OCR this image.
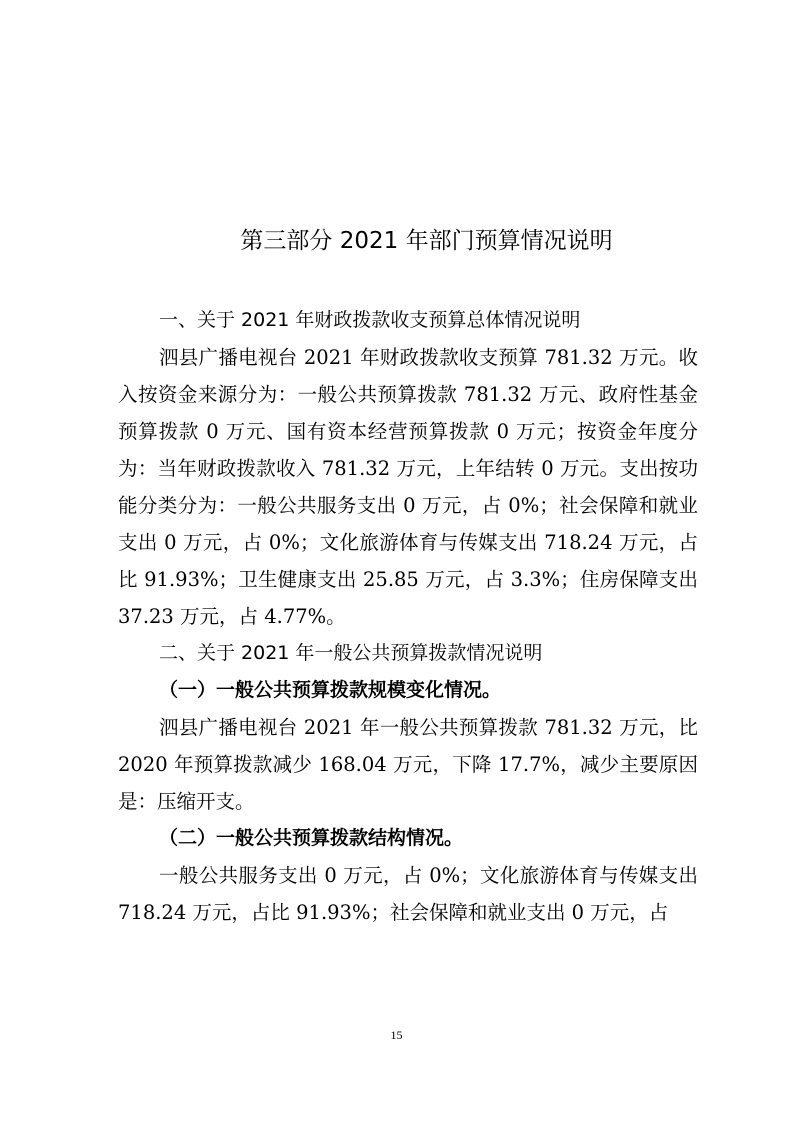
第三部分 2021 年部门预算情况说明

一、关于 2021 年财政拨款收支预算总体情况说明

泗县广播电视台 2021 年财政拨款收支预算 781.32 万元。收入按资金来源分为：一般公共预算拨款 781.32 万元、政府性基金预算拨款 0 万元、国有资本经营预算拨款 0 万元；按资金年度分为：当年财政拨款收入 781.32 万元，上年结转 0 万元。支出按功能分类分为：一般公共服务支出 0 万元，占 0%；社会保障和就业支出 0 万元，占 0%；文化旅游体育与传媒支出 718.24 万元，占比 91.93%；卫生健康支出 25.85 万元，占 3.3%；住房保障支出 37.23 万元，占 4.77%。

二、关于 2021 年一般公共预算拨款情况说明

（一）一般公共预算拨款规模变化情况。

泗县广播电视台 2021 年一般公共预算拨款 781.32 万元，比 2020 年预算拨款减少 168.04 万元，下降 17.7%，减少主要原因是：压缩开支。

（二）一般公共预算拨款结构情况。

一般公共服务支出 0 万元，占 0%；文化旅游体育与传媒支出 718.24 万元，占比 91.93%；社会保障和就业支出 0 万元，占

15
